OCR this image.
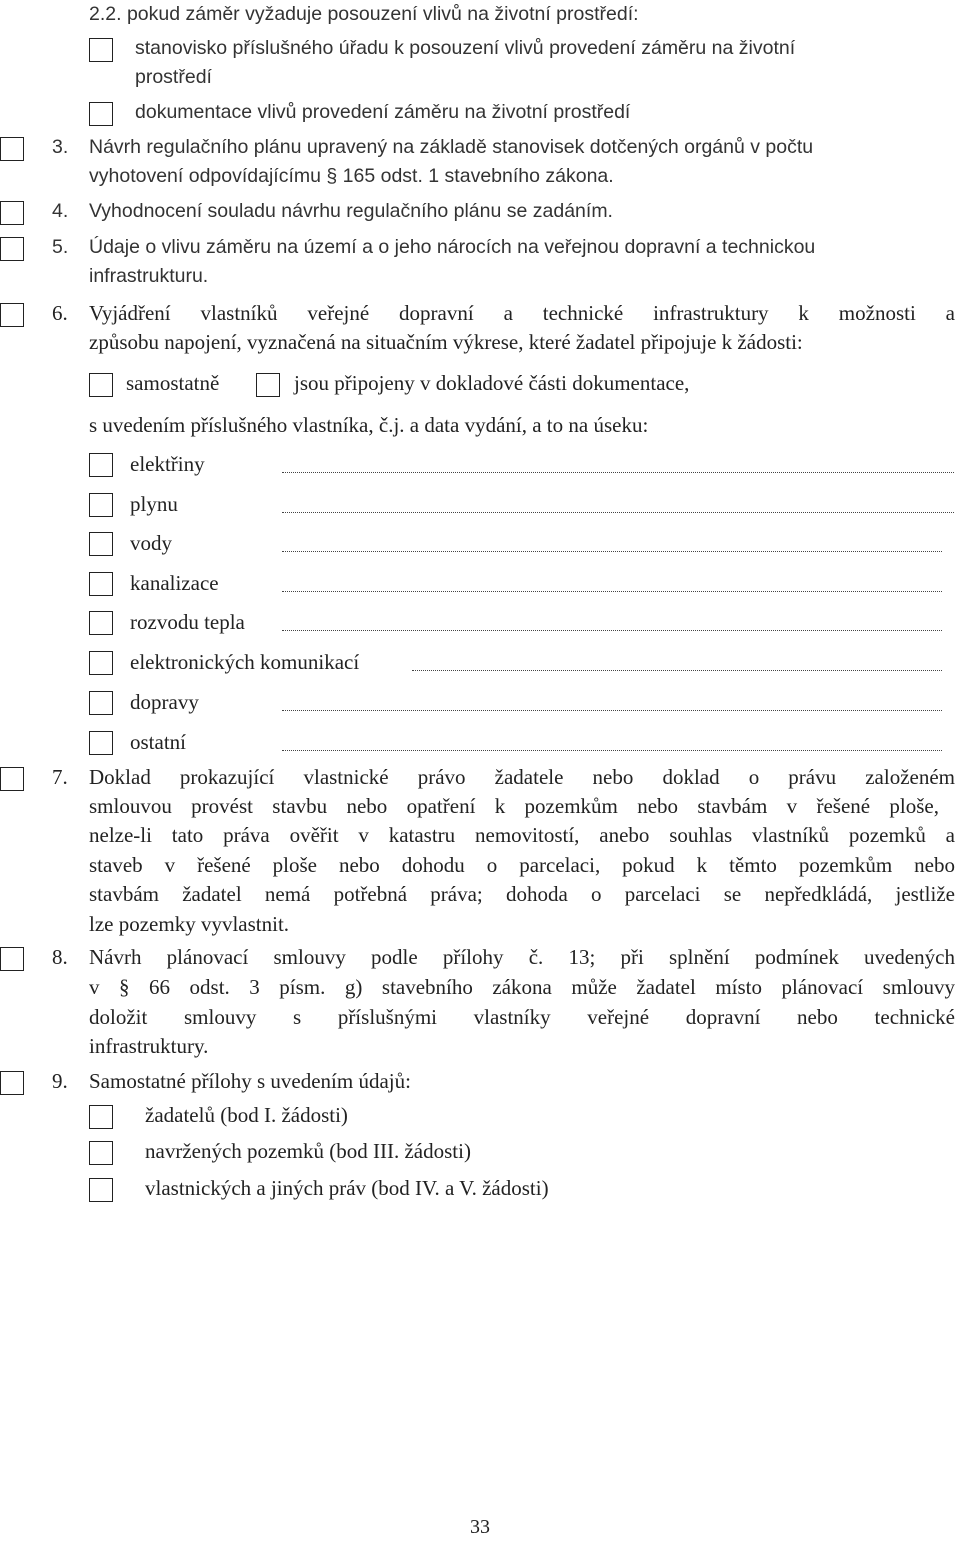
2.2. pokud záměr vyžaduje posouzení vlivů na životní prostředí:
stanovisko příslušného úřadu k posouzení vlivů provedení záměru na životní
prostředí
dokumentace vlivů provedení záměru na životní prostředí
3. Návrh regulačního plánu upravený na základě stanovisek dotčených orgánů v počtu
vyhotovení odpovídajícímu § 165 odst. 1 stavebního zákona.
4. Vyhodnocení souladu návrhu regulačního plánu se zadáním.
5. Údaje o vlivu záměru na území a o jeho nárocích na veřejnou dopravní a technickou
infrastrukturu.
6. Vyjádření vlastníků veřejné dopravní a technické infrastruktury k možnosti a
způsobu napojení, vyznačená na situačním výkrese, které žadatel připojuje k žádosti:
samostatně	jsou připojeny v dokladové části dokumentace,
s uvedením příslušného vlastníka, č.j. a data vydání, a to na úseku:
elektřiny
plynu
vody
kanalizace
rozvodu tepla
elektronických komunikací
dopravy
ostatní
7. Doklad prokazující vlastnické právo žadatele nebo doklad o právu založeném
smlouvou provést stavbu nebo opatření k pozemkům nebo stavbám v řešené ploše,
nelze-li tato práva ověřit v katastru nemovitostí, anebo souhlas vlastníků pozemků a
staveb v řešené ploše nebo dohodu o parcelaci, pokud k těmto pozemkům nebo
stavbám žadatel nemá potřebná práva; dohoda o parcelaci se nepředkládá, jestliže
lze pozemky vyvlastnit.
8. Návrh plánovací smlouvy podle přílohy č. 13; při splnění podmínek uvedených
v § 66 odst. 3 písm. g) stavebního zákona může žadatel místo plánovací smlouvy
doložit smlouvy s příslušnými vlastníky veřejné dopravní nebo technické
infrastruktury.
9. Samostatné přílohy s uvedením údajů:
žadatelů (bod I. žádosti)
navržených pozemků (bod III. žádosti)
vlastnických a jiných práv (bod IV. a V. žádosti)
33
